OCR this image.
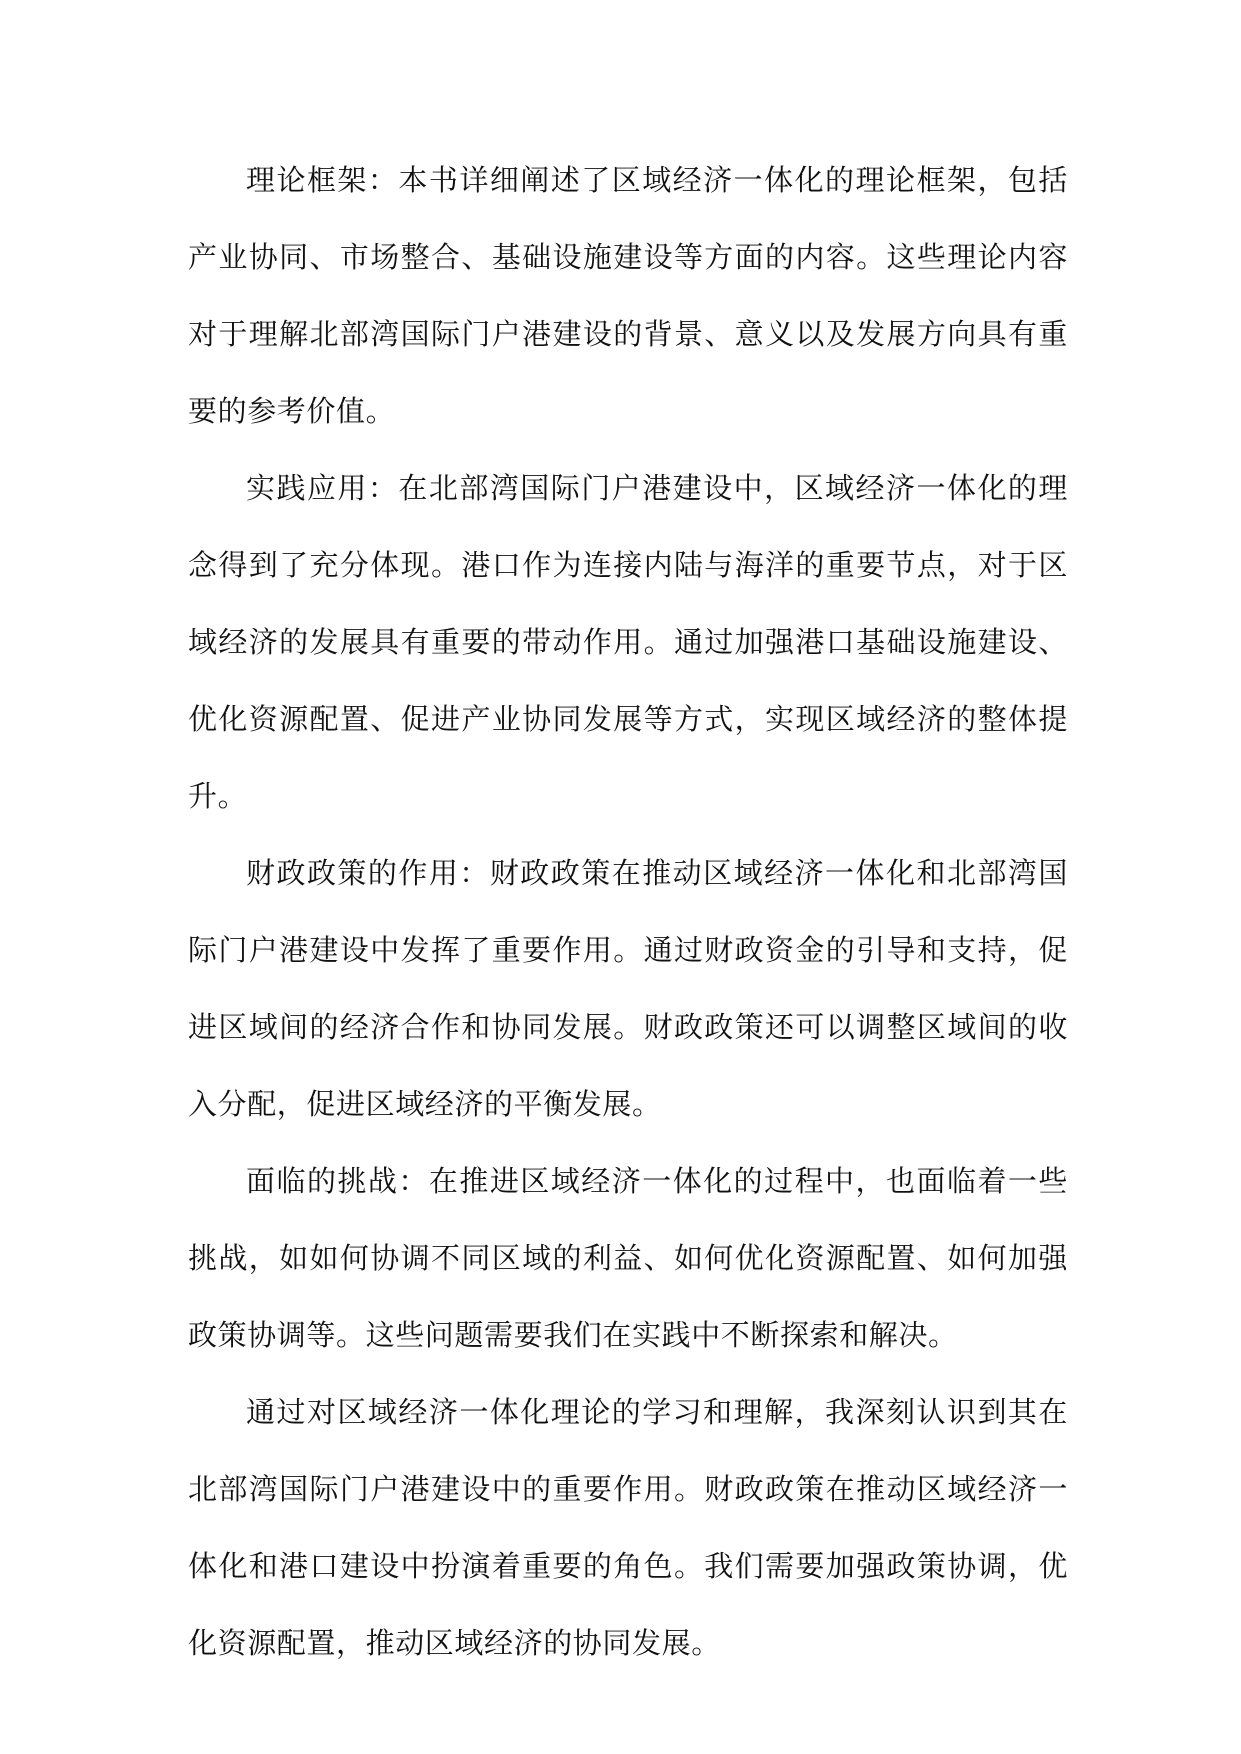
理论框架：本书详细阐述了区域经济一体化的理论框架，包括产业协同、市场整合、基础设施建设等方面的内容。这些理论内容对于理解北部湾国际门户港建设的背景、意义以及发展方向具有重要的参考价值。

实践应用：在北部湾国际门户港建设中，区域经济一体化的理念得到了充分体现。港口作为连接内陆与海洋的重要节点，对于区域经济的发展具有重要的带动作用。通过加强港口基础设施建设、优化资源配置、促进产业协同发展等方式，实现区域经济的整体提升。

财政政策的作用：财政政策在推动区域经济一体化和北部湾国际门户港建设中发挥了重要作用。通过财政资金的引导和支持，促进区域间的经济合作和协同发展。财政政策还可以调整区域间的收入分配，促进区域经济的平衡发展。

面临的挑战：在推进区域经济一体化的过程中，也面临着一些挑战，如如何协调不同区域的利益、如何优化资源配置、如何加强政策协调等。这些问题需要我们在实践中不断探索和解决。

通过对区域经济一体化理论的学习和理解，我深刻认识到其在北部湾国际门户港建设中的重要作用。财政政策在推动区域经济一体化和港口建设中扮演着重要的角色。我们需要加强政策协调，优化资源配置，推动区域经济的协同发展。
